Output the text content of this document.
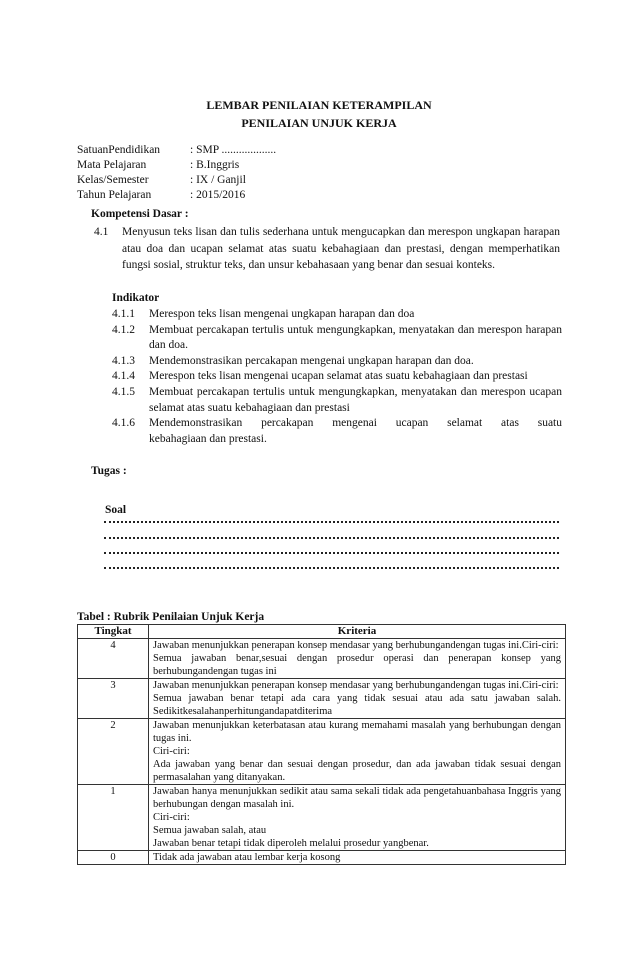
LEMBAR PENILAIAN KETERAMPILAN
PENILAIAN UNJUK KERJA
SatuanPendidikan	: SMP ...................
Mata Pelajaran	: B.Inggris
Kelas/Semester	: IX / Ganjil
Tahun Pelajaran	: 2015/2016
Kompetensi Dasar :
4.1 Menyusun teks lisan dan tulis sederhana untuk mengucapkan dan merespon ungkapan harapan atau doa dan ucapan selamat atas suatu kebahagiaan dan prestasi, dengan memperhatikan fungsi sosial, struktur teks, dan unsur kebahasaan yang benar dan sesuai konteks.
Indikator
4.1.1 Merespon teks lisan mengenai ungkapan harapan dan doa
4.1.2 Membuat percakapan tertulis untuk mengungkapkan, menyatakan dan merespon harapan dan doa.
4.1.3 Mendemonstrasikan percakapan mengenai ungkapan harapan dan doa.
4.1.4 Merespon teks lisan mengenai ucapan selamat atas suatu kebahagiaan dan prestasi
4.1.5 Membuat percakapan tertulis untuk mengungkapkan, menyatakan dan merespon ucapan selamat atas suatu kebahagiaan dan prestasi
4.1.6 Mendemonstrasikan percakapan mengenai ucapan selamat atas suatu
kebahagiaan dan prestasi.
Tugas :
Soal
Tabel : Rubrik Penilaian Unjuk Kerja
Tingkat	Kriteria
4	Jawaban menunjukkan penerapan konsep mendasar yang berhubungandengan tugas ini.Ciri-ciri:

Semua jawaban benar,sesuai dengan prosedur operasi dan penerapan konsep yang berhubungandengan tugas ini

3	Jawaban menunjukkan penerapan konsep mendasar yang berhubungandengan tugas ini.Ciri-ciri:

Semua jawaban benar tetapi ada cara yang tidak sesuai atau ada satu jawaban salah. Sedikitkesalahanperhitungandapatditerima

2	Jawaban menunjukkan keterbatasan atau kurang memahami masalah yang berhubungan dengan tugas ini.

Ciri-ciri:

Ada jawaban yang benar dan sesuai dengan prosedur, dan ada jawaban tidak sesuai dengan permasalahan yang ditanyakan.

1	Jawaban hanya menunjukkan sedikit atau sama sekali tidak ada pengetahuanbahasa Inggris yang berhubungan dengan masalah ini.

Ciri-ciri:

Semua jawaban salah, atau

Jawaban benar tetapi tidak diperoleh melalui prosedur yangbenar.

0	Tidak ada jawaban atau lembar kerja kosong
